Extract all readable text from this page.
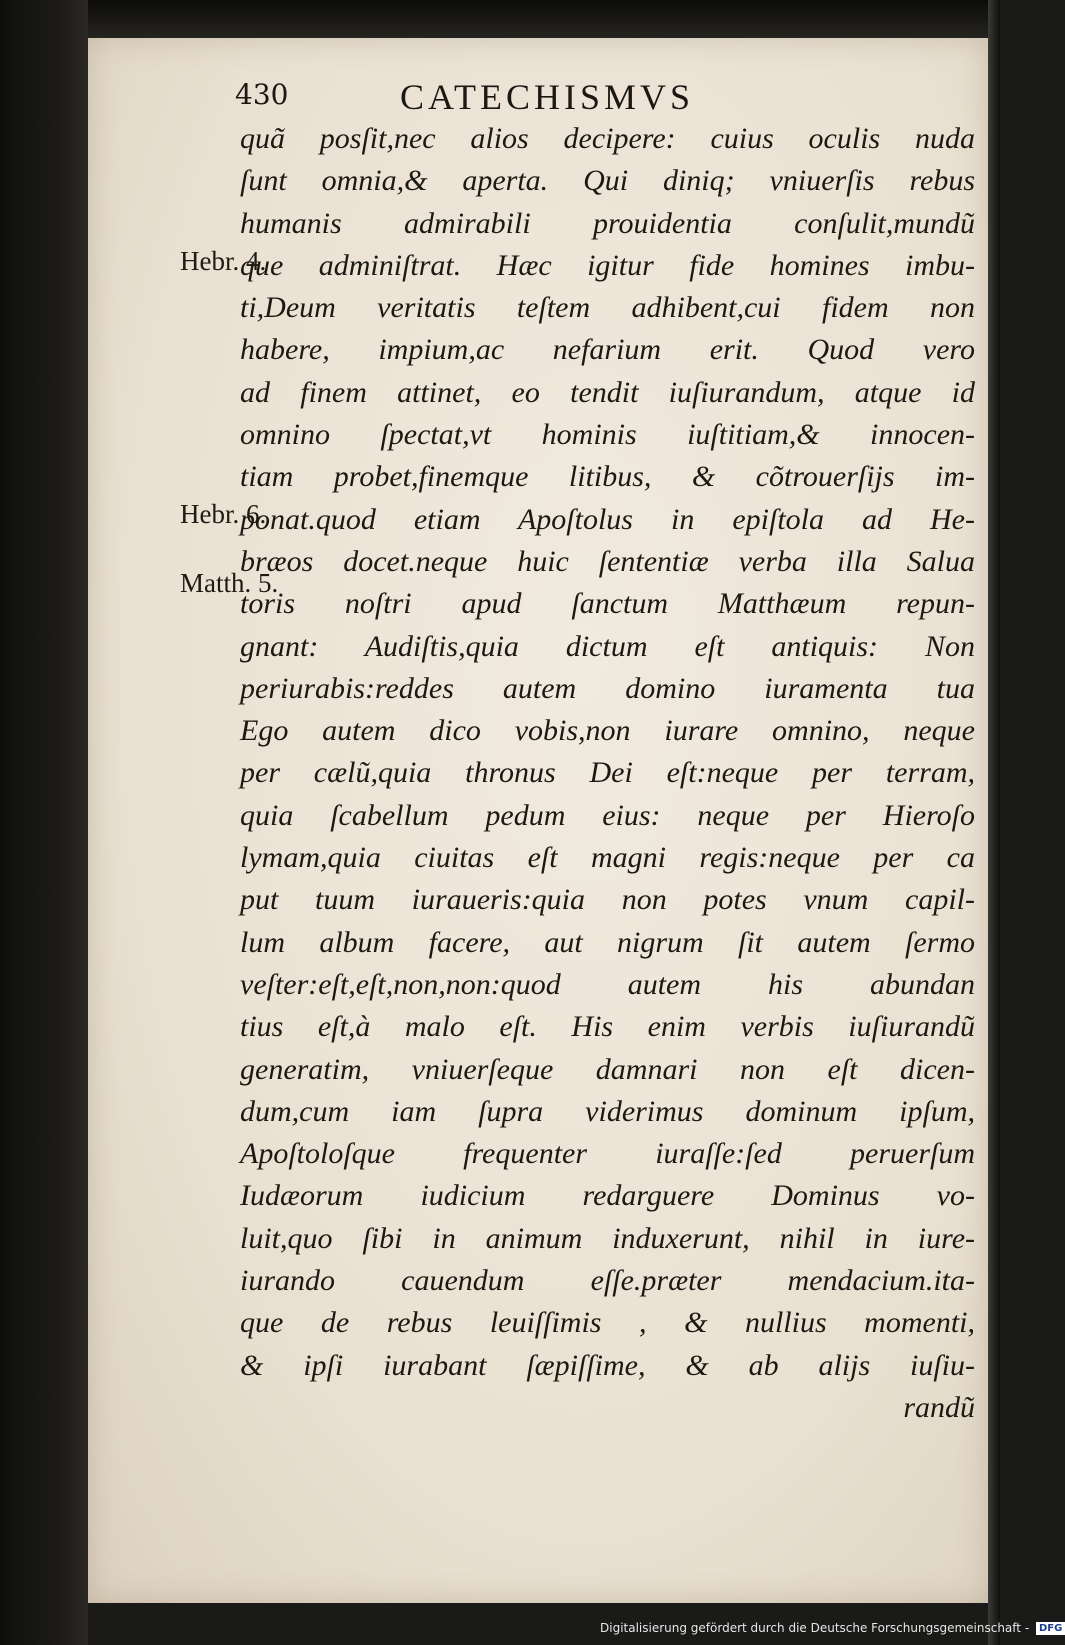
430	CATECHISMVS
Hebr. 4.
Hebr. 6.
Matth. 5.
quã posſit,nec alios decipere: cuius oculis nuda
ſunt omnia,& aperta. Qui diniq; vniuerſis rebus
humanis admirabili prouidentia conſulit,mundũ
que adminiſtrat. Hæc igitur fide homines imbu-
ti,Deum veritatis teſtem adhibent,cui fidem non
habere, impium,ac nefarium erit. Quod vero
ad finem attinet, eo tendit iuſiurandum, atque id
omnino ſpectat,vt hominis iuſtitiam,& innocen-
tiam probet,finemque litibus, & cõtrouerſijs im-
ponat.quod etiam Apoſtolus in epiſtola ad He-
bræos docet.neque huic ſententiæ verba illa Salua
toris noſtri apud ſanctum Matthæum repun-
gnant: Audiſtis,quia dictum eſt antiquis: Non
periurabis:reddes autem domino iuramenta tua
Ego autem dico vobis,non iurare omnino, neque
per cælũ,quia thronus Dei eſt:neque per terram,
quia ſcabellum pedum eius: neque per Hieroſo
lymam,quia ciuitas eſt magni regis:neque per ca
put tuum iuraueris:quia non potes vnum capil-
lum album facere, aut nigrum ſit autem ſermo
veſter:eſt,eſt,non,non:quod autem his abundan
tius eſt,à malo eſt. His enim verbis iuſiurandũ
generatim, vniuerſeque damnari non eſt dicen-
dum,cum iam ſupra viderimus dominum ipſum,
Apoſtoloſque frequenter iuraſſe:ſed peruerſum
Iudæorum iudicium redarguere Dominus vo-
luit,quo ſibi in animum induxerunt, nihil in iure-
iurando cauendum eſſe.præter mendacium.ita-
que de rebus leuiſſimis , & nullius momenti,
& ipſi iurabant ſæpiſſime, & ab alijs iuſiu-
randũ
Digitalisierung gefördert durch die Deutsche Forschungsgemeinschaft - DFG
